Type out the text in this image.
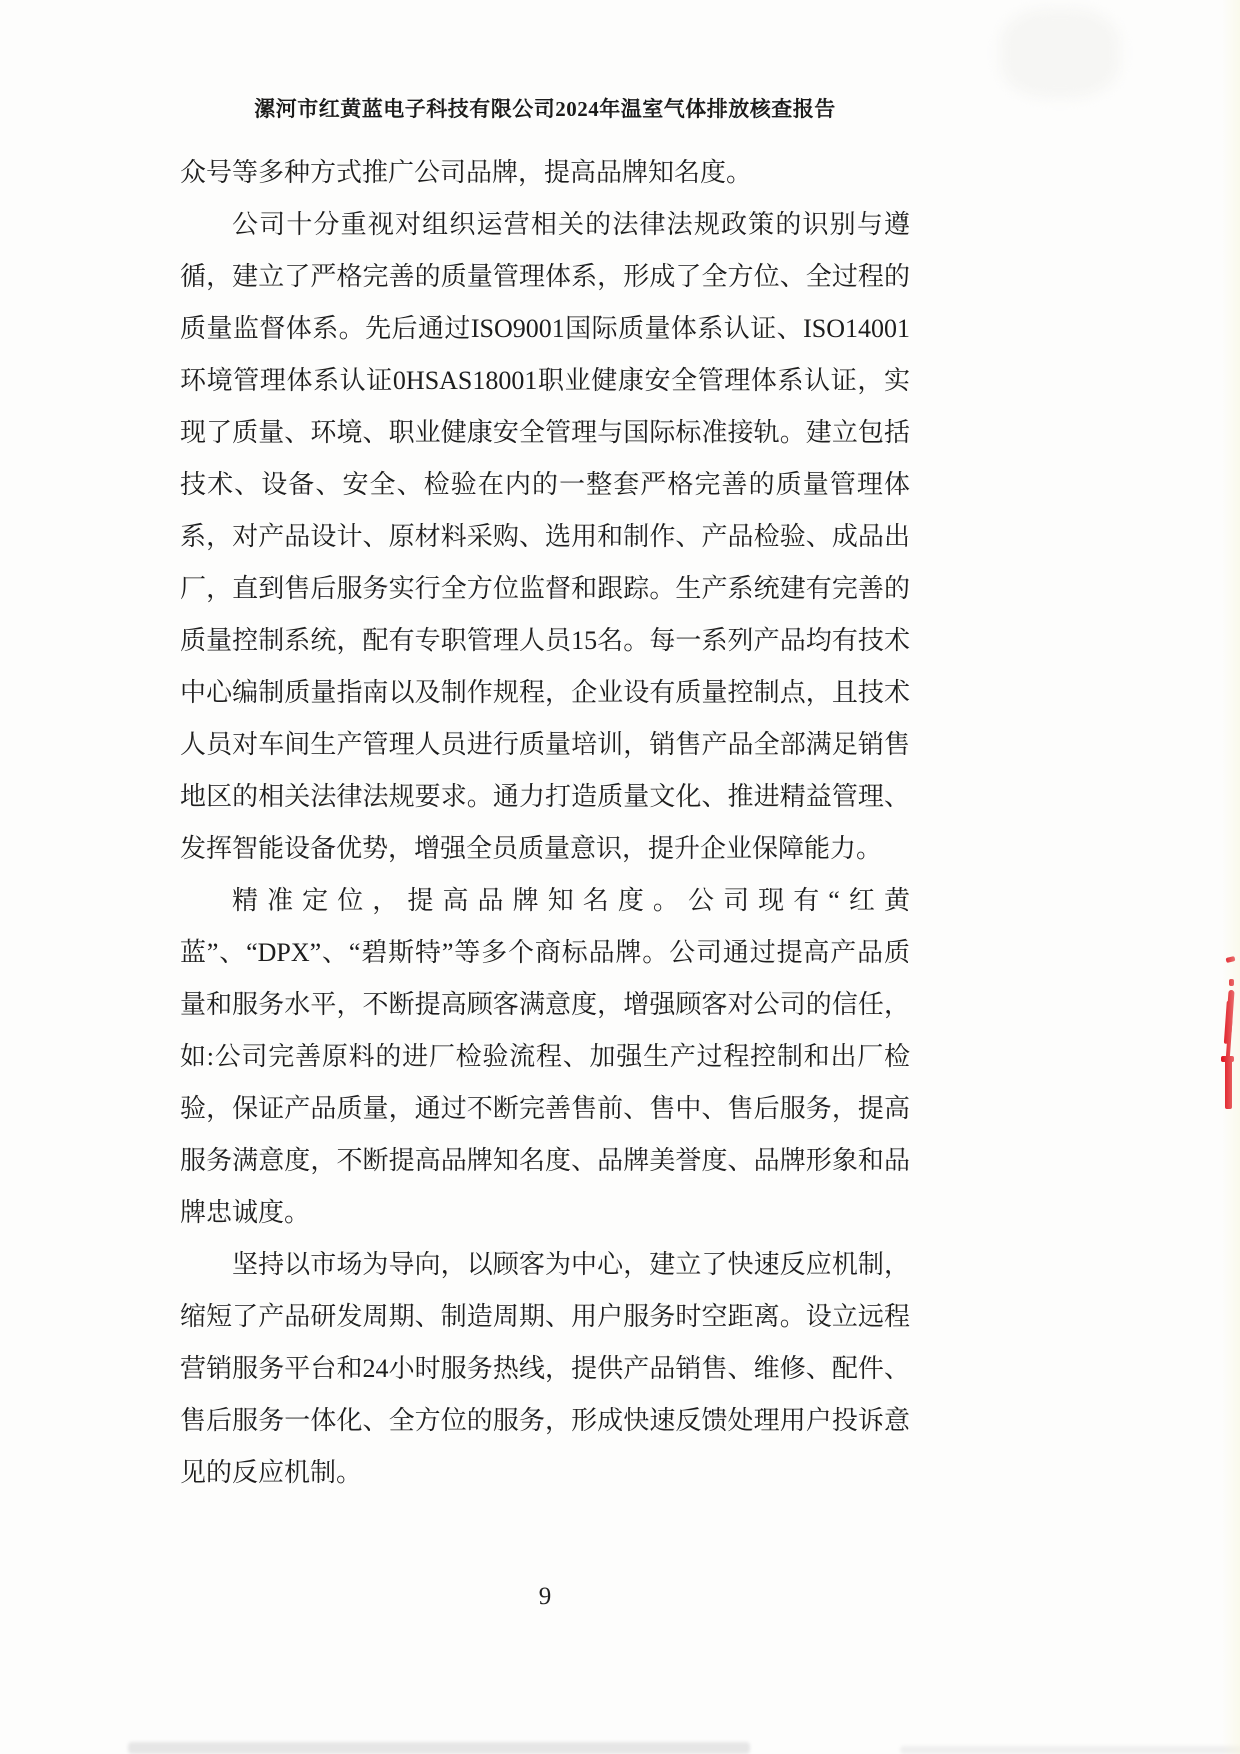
漯河市红黄蓝电子科技有限公司2024年温室气体排放核查报告

众号等多种方式推广公司品牌，提高品牌知名度。

公司十分重视对组织运营相关的法律法规政策的识别与遵循，建立了严格完善的质量管理体系，形成了全方位、全过程的质量监督体系。先后通过ISO9001国际质量体系认证、ISO14001环境管理体系认证0HSAS18001职业健康安全管理体系认证，实现了质量、环境、职业健康安全管理与国际标准接轨。建立包括技术、设备、安全、检验在内的一整套严格完善的质量管理体系，对产品设计、原材料采购、选用和制作、产品检验、成品出厂，直到售后服务实行全方位监督和跟踪。生产系统建有完善的质量控制系统，配有专职管理人员15名。每一系列产品均有技术中心编制质量指南以及制作规程，企业设有质量控制点，且技术人员对车间生产管理人员进行质量培训，销售产品全部满足销售地区的相关法律法规要求。通力打造质量文化、推进精益管理、发挥智能设备优势，增强全员质量意识，提升企业保障能力。

精准定位，提高品牌知名度。公司现有“红黄蓝”、“DPX”、“碧斯特”等多个商标品牌。公司通过提高产品质量和服务水平，不断提高顾客满意度，增强顾客对公司的信任，如:公司完善原料的进厂检验流程、加强生产过程控制和出厂检验，保证产品质量，通过不断完善售前、售中、售后服务，提高服务满意度，不断提高品牌知名度、品牌美誉度、品牌形象和品牌忠诚度。

坚持以市场为导向，以顾客为中心，建立了快速反应机制，缩短了产品研发周期、制造周期、用户服务时空距离。设立远程营销服务平台和24小时服务热线，提供产品销售、维修、配件、售后服务一体化、全方位的服务，形成快速反馈处理用户投诉意见的反应机制。

9
